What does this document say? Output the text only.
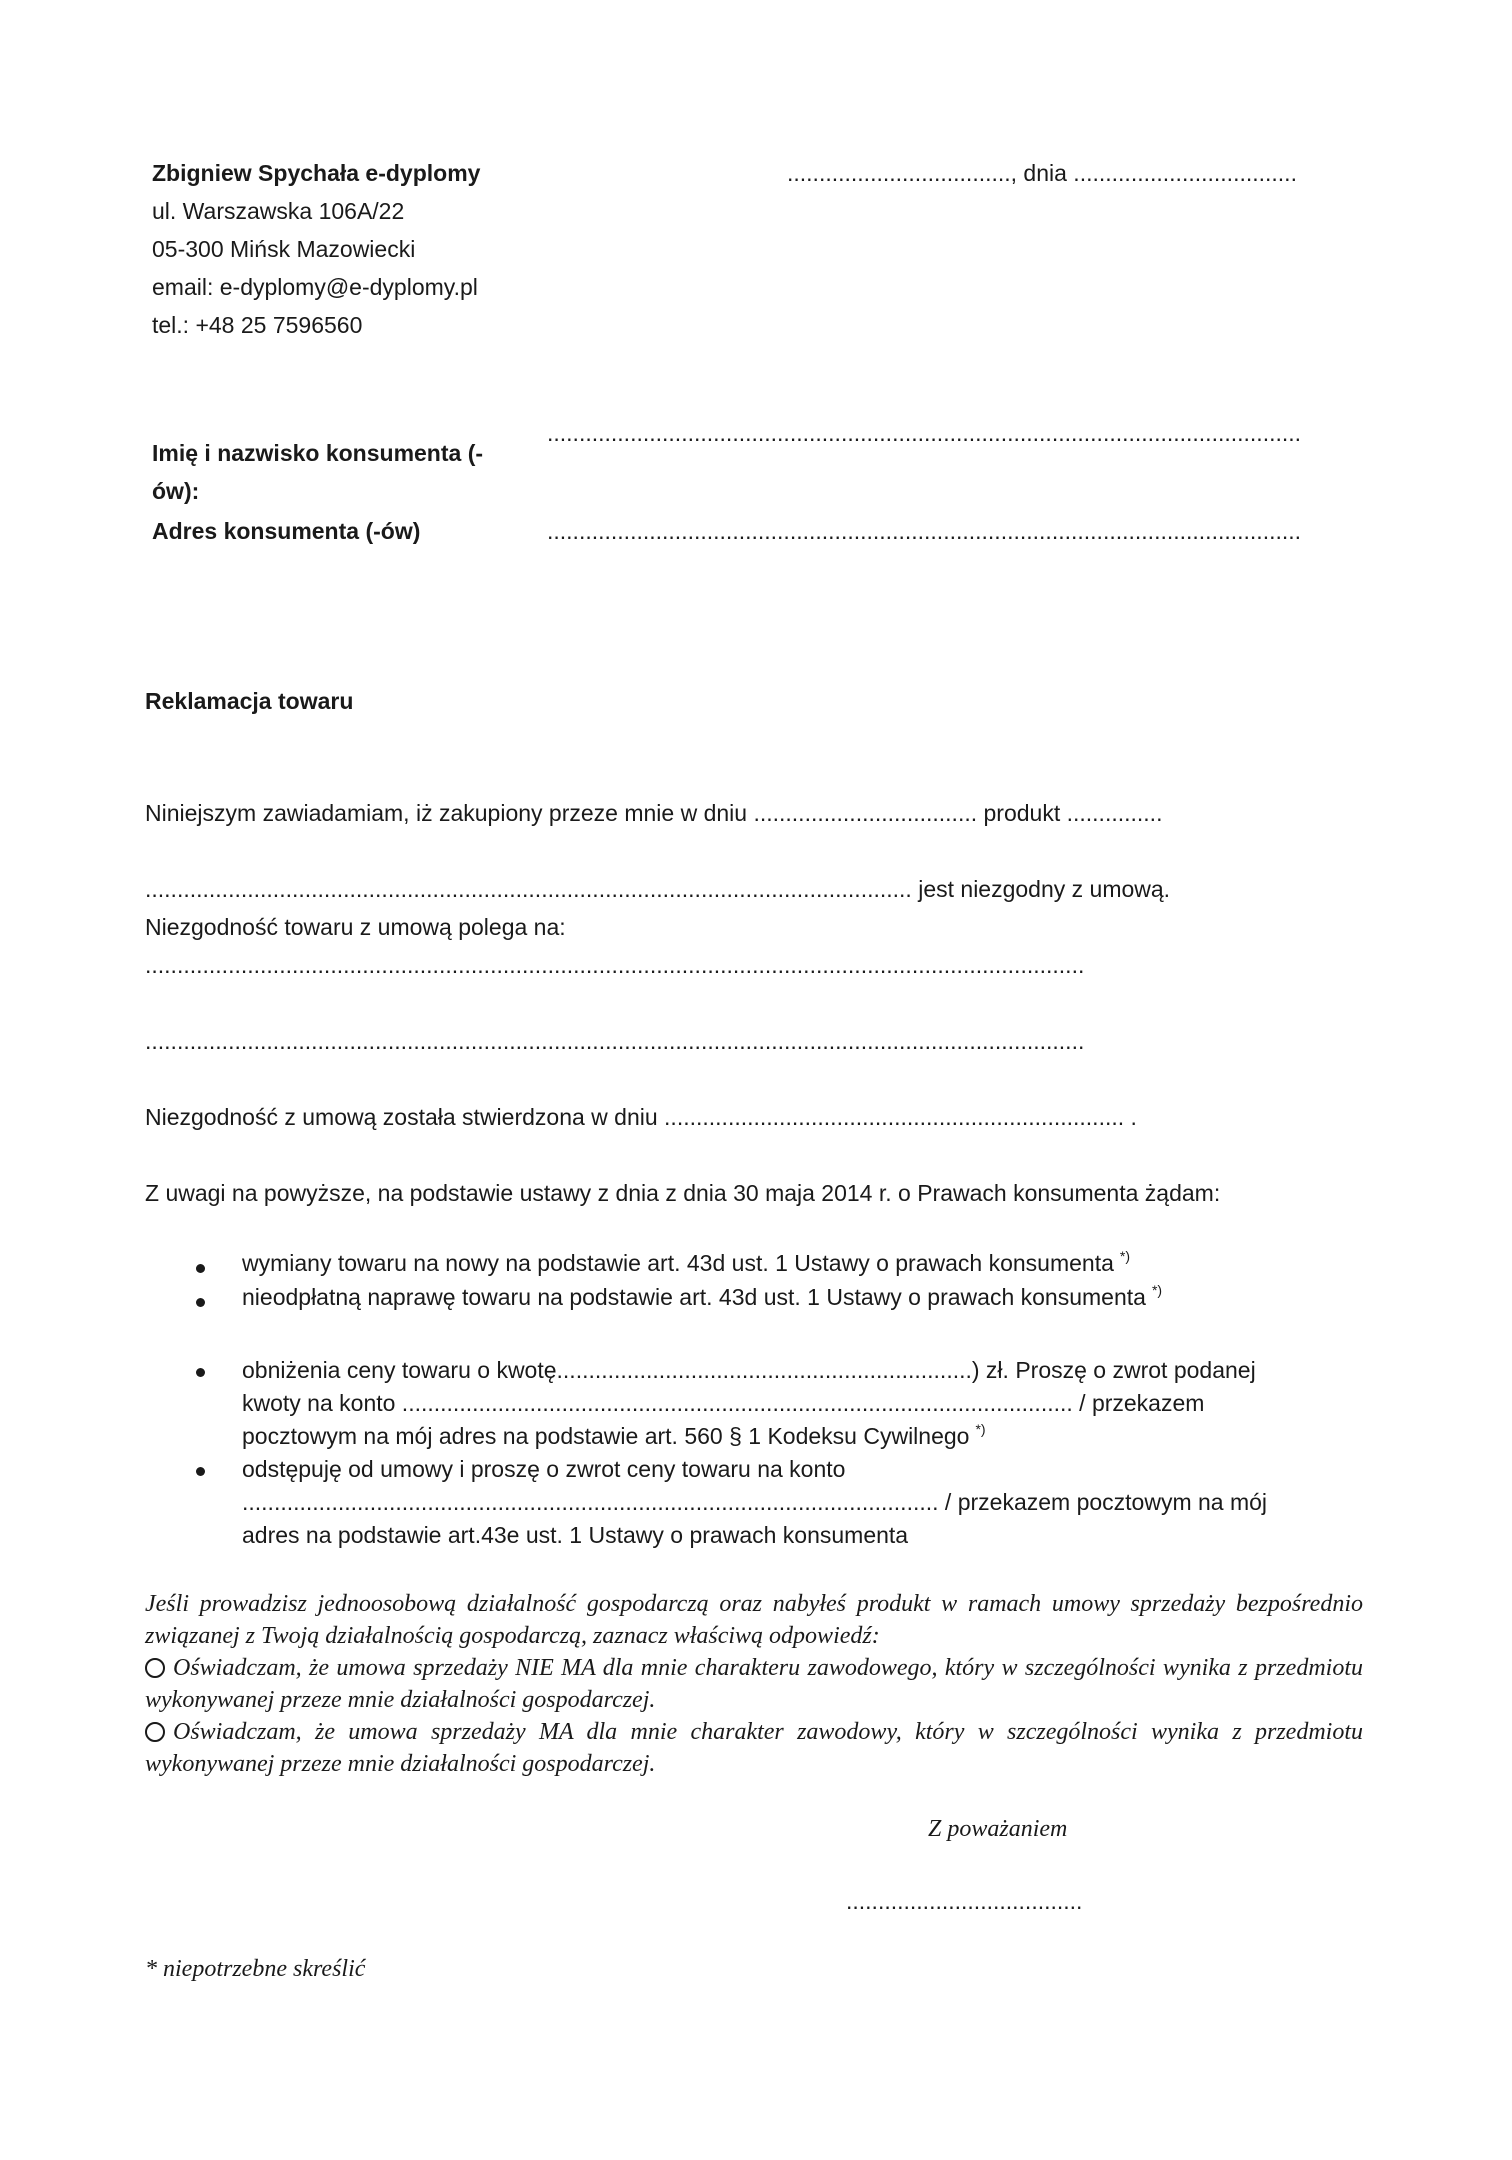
Zbigniew Spychała e-dyplomy
ul. Warszawska 106A/22
05-300 Mińsk Mazowiecki
email: e-dyplomy@e-dyplomy.pl
tel.: +48 25 7596560
..................................., dnia ...................................
Imię i nazwisko konsumenta (-
ów):
......................................................................................................................
Adres konsumenta (-ów)	......................................................................................................................
Reklamacja towaru
Niniejszym zawiadamiam, iż zakupiony przeze mnie w dniu ................................... produkt ...............
........................................................................................................................ jest niezgodny z umową.
Niezgodność towaru z umową polega na:
...................................................................................................................................................
...................................................................................................................................................
Niezgodność z umową została stwierdzona w dniu ........................................................................ .
Z uwagi na powyższe, na podstawie ustawy z dnia z dnia 30 maja 2014 r. o Prawach konsumenta żądam:
wymiany towaru na nowy na podstawie art. 43d ust. 1 Ustawy o prawach konsumenta *)
nieodpłatną naprawę towaru na podstawie art. 43d ust. 1 Ustawy o prawach konsumenta *)
obniżenia ceny towaru o kwotę.................................................................) zł. Proszę o zwrot podanej
kwoty na konto ......................................................................................................... / przekazem
pocztowym na mój adres na podstawie art. 560 § 1 Kodeksu Cywilnego *)
odstępuję od umowy i proszę o zwrot ceny towaru na konto
............................................................................................................. / przekazem pocztowym na mój
adres na podstawie art.43e ust. 1 Ustawy o prawach konsumenta
Jeśli prowadzisz jednoosobową działalność gospodarczą oraz nabyłeś produkt w ramach umowy sprzedaży bezpośrednio związanej z Twoją działalnością gospodarczą, zaznacz właściwą odpowiedź:
Oświadczam, że umowa sprzedaży NIE MA dla mnie charakteru zawodowego, który w szczególności wynika z przedmiotu wykonywanej przeze mnie działalności gospodarczej.
Oświadczam, że umowa sprzedaży MA dla mnie charakter zawodowy, który w szczególności wynika z przedmiotu wykonywanej przeze mnie działalności gospodarczej.
Z poważaniem
.....................................
* niepotrzebne skreślić
